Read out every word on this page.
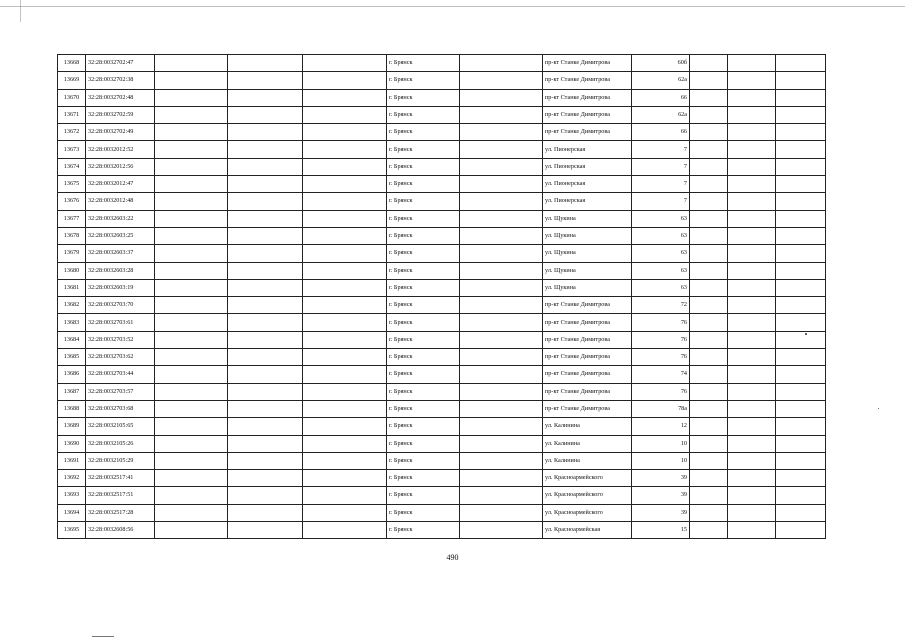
13668	32:28:0032702:47				г. Брянск		пр-кт Станке Димитрова	60б			
13669	32:28:0032702:38				г. Брянск		пр-кт Станке Димитрова	62а			
13670	32:28:0032702:48				г. Брянск		пр-кт Станке Димитрова	66			
13671	32:28:0032702:59				г. Брянск		пр-кт Станке Димитрова	62а			
13672	32:28:0032702:49				г. Брянск		пр-кт Станке Димитрова	66			
13673	32:28:0032012:52				г. Брянск		ул. Пионерская	7			
13674	32:28:0032012:56				г. Брянск		ул. Пионерская	7			
13675	32:28:0032012:47				г. Брянск		ул. Пионерская	7			
13676	32:28:0032012:48				г. Брянск		ул. Пионерская	7			
13677	32:28:0032603:22				г. Брянск		ул. Щукина	63			
13678	32:28:0032603:25				г. Брянск		ул. Щукина	63			
13679	32:28:0032603:37				г. Брянск		ул. Щукина	63			
13680	32:28:0032603:28				г. Брянск		ул. Щукина	63			
13681	32:28:0032603:19				г. Брянск		ул. Щукина	63			
13682	32:28:0032703:70				г. Брянск		пр-кт Станке Димитрова	72			
13683	32:28:0032703:61				г. Брянск		пр-кт Станке Димитрова	76			
13684	32:28:0032703:52				г. Брянск		пр-кт Станке Димитрова	76			
13685	32:28:0032703:62				г. Брянск		пр-кт Станке Димитрова	76			
13686	32:28:0032703:44				г. Брянск		пр-кт Станке Димитрова	74			
13687	32:28:0032703:57				г. Брянск		пр-кт Станке Димитрова	76			
13688	32:28:0032703:68				г. Брянск		пр-кт Станке Димитрова	78а			
13689	32:28:0032105:65				г. Брянск		ул. Калинина	12			
13690	32:28:0032105:26				г. Брянск		ул. Калинина	10			
13691	32:28:0032105:29				г. Брянск		ул. Калинина	10			
13692	32:28:0032517:41				г. Брянск		ул. Красноармейского	39			
13693	32:28:0032517:51				г. Брянск		ул. Красноармейского	39			
13694	32:28:0032517:28				г. Брянск		ул. Красноармейского	39			
13695	32:28:0032608:56				г. Брянск		ул. Красноармейская	15			
490
